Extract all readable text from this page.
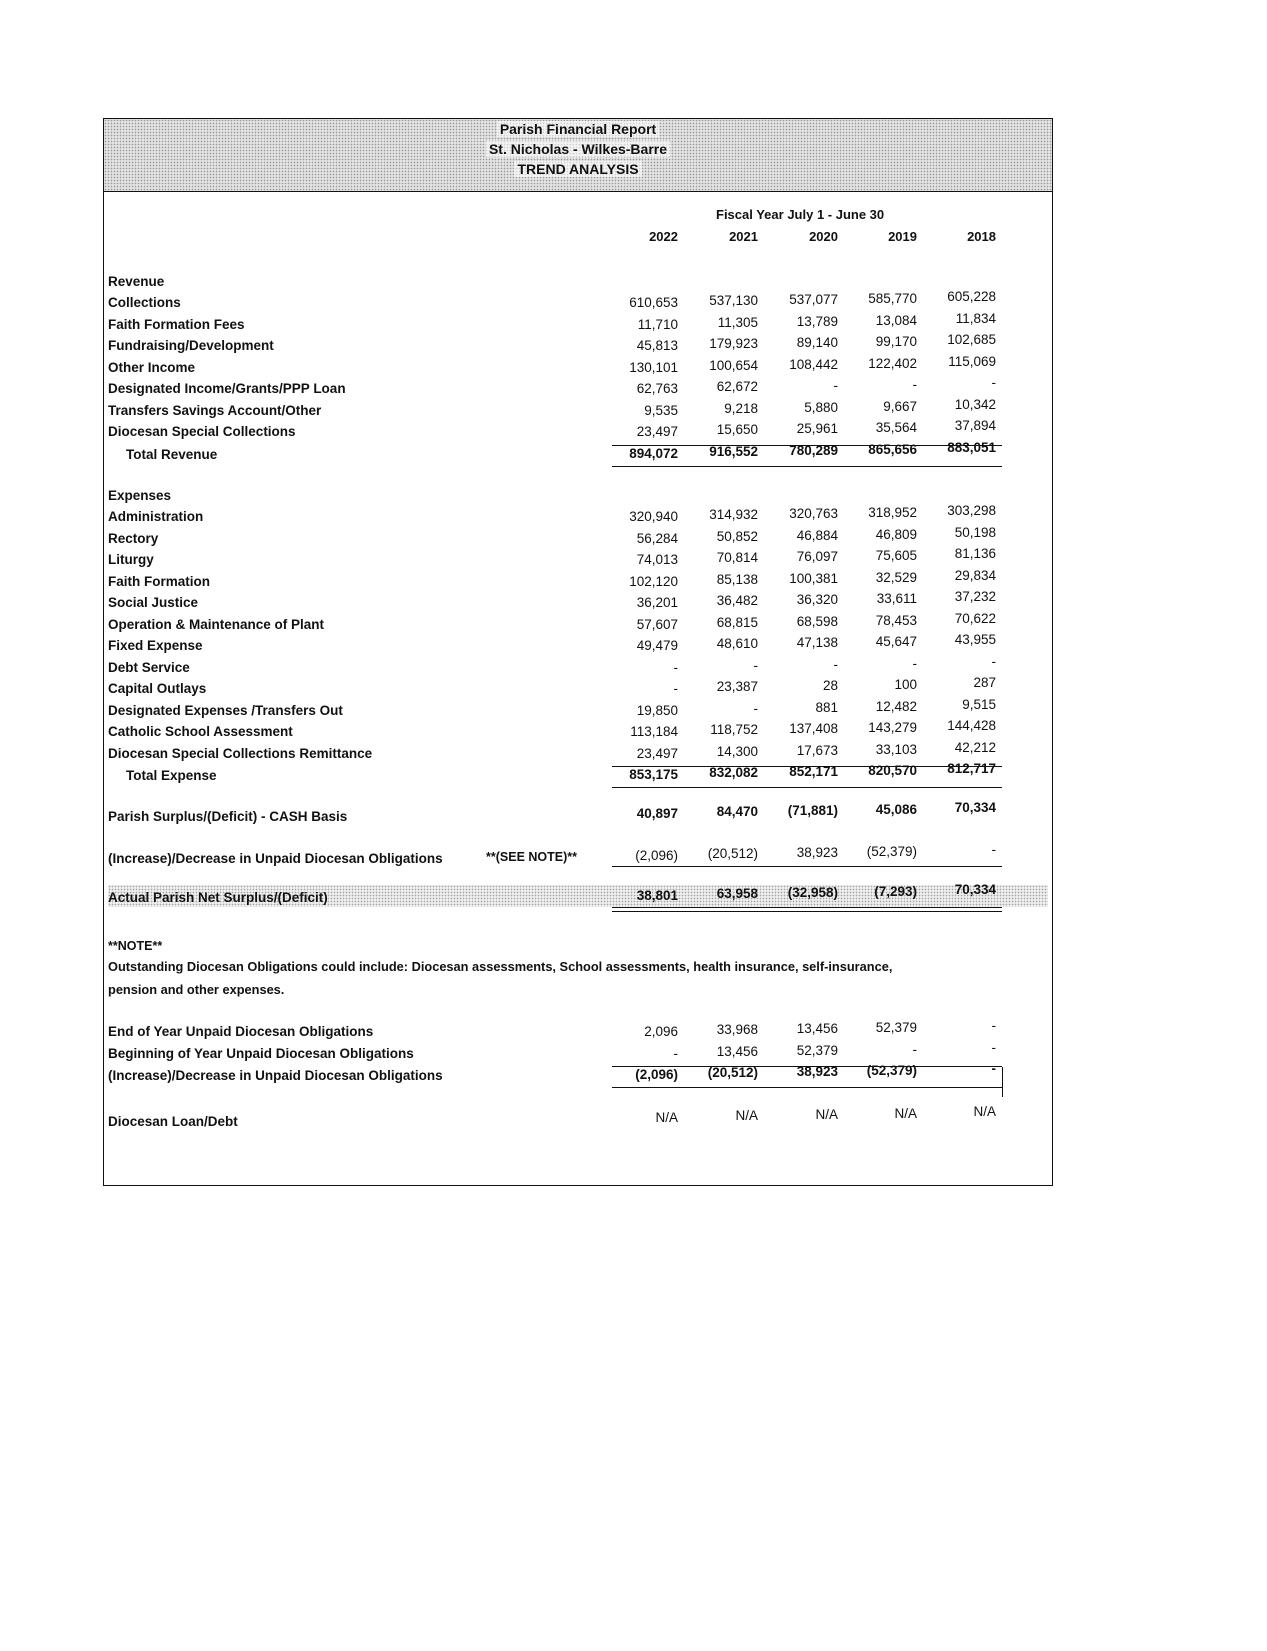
Parish Financial Report
St. Nicholas - Wilkes-Barre
TREND ANALYSIS
Fiscal Year July 1 - June 30
2022	2021	2020	2019	2018
Revenue
Collections	610,653	537,130	537,077	585,770	605,228
Faith Formation Fees	11,710	11,305	13,789	13,084	11,834
Fundraising/Development	45,813	179,923	89,140	99,170	102,685
Other Income	130,101	100,654	108,442	122,402	115,069
Designated Income/Grants/PPP Loan	62,763	62,672	-	-	-
Transfers Savings Account/Other	9,535	9,218	5,880	9,667	10,342
Diocesan Special Collections	23,497	15,650	25,961	35,564	37,894
Total Revenue	894,072	916,552	780,289	865,656	883,051
Expenses
Administration	320,940	314,932	320,763	318,952	303,298
Rectory	56,284	50,852	46,884	46,809	50,198
Liturgy	74,013	70,814	76,097	75,605	81,136
Faith Formation	102,120	85,138	100,381	32,529	29,834
Social Justice	36,201	36,482	36,320	33,611	37,232
Operation & Maintenance of Plant	57,607	68,815	68,598	78,453	70,622
Fixed Expense	49,479	48,610	47,138	45,647	43,955
Debt Service	-	-	-	-	-
Capital Outlays	-	23,387	28	100	287
Designated Expenses /Transfers Out	19,850	-	881	12,482	9,515
Catholic School Assessment	113,184	118,752	137,408	143,279	144,428
Diocesan Special Collections Remittance	23,497	14,300	17,673	33,103	42,212
Total Expense	853,175	832,082	852,171	820,570	812,717
Parish Surplus/(Deficit) - CASH Basis	40,897	84,470	(71,881)	45,086	70,334
(Increase)/Decrease in Unpaid Diocesan Obligations	**(SEE NOTE)**	(2,096)	(20,512)	38,923	(52,379)	-
Actual Parish Net Surplus/(Deficit)	38,801	63,958	(32,958)	(7,293)	70,334
**NOTE**
Outstanding Diocesan Obligations could include: Diocesan assessments, School assessments, health insurance, self-insurance,
pension and other expenses.
End of Year Unpaid Diocesan Obligations	2,096	33,968	13,456	52,379	-
Beginning of Year Unpaid Diocesan Obligations	-	13,456	52,379	-	-
(Increase)/Decrease in Unpaid Diocesan Obligations	(2,096)	(20,512)	38,923	(52,379)	-
Diocesan Loan/Debt	N/A	N/A	N/A	N/A	N/A
